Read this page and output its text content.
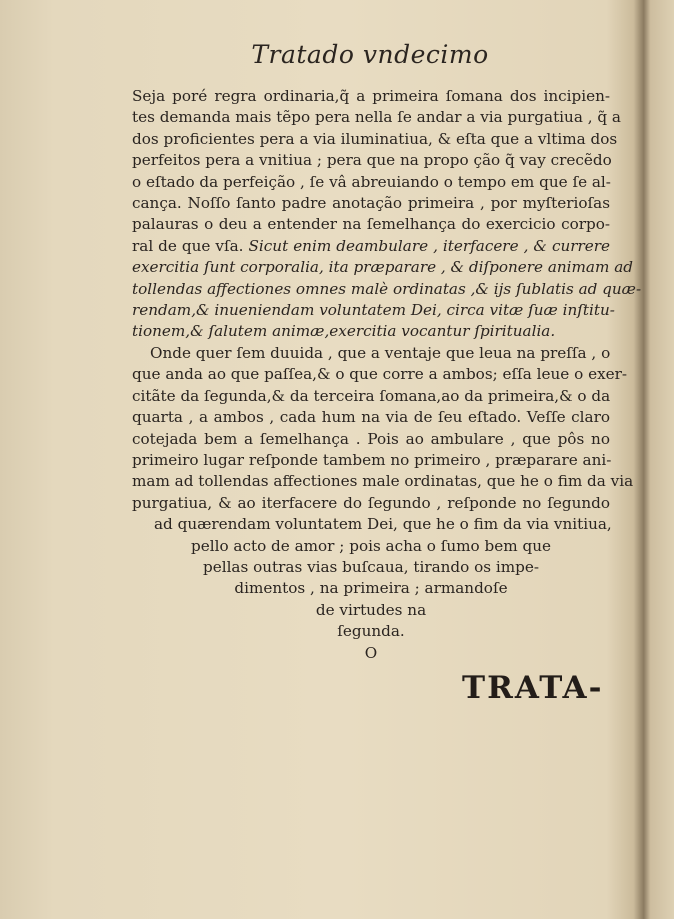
Tratado vndecimo
Seja poré regra ordinaria,q̃ a primeira ſomana dos incipien-
tes demanda mais tẽpo pera nella ſe andar a via purgatiua , q̃ a
dos proficientes pera a via iluminatiua, & eſta que a vltima dos
perfeitos pera a vnitiua ; pera que na propo ção q̃ vay crecẽdo
o eſtado da perfeição , ſe vâ abreuiando o tempo em que ſe al-
cança. Noſſo ſanto padre anotação primeira , por myſterioſas
palauras o deu a entender na ſemelhança do exercicio corpo-
ral de que vſa. Sicut enim deambulare , iterfacere , & currere
exercitia ſunt corporalia, ita præparare , & diſponere animam ad
tollendas affectiones omnes malè ordinatas ,& ijs ſublatis ad quæ-
rendam,& inueniendam voluntatem Dei, circa vitæ ſuæ inſtitu-
tionem,& ſalutem animæ,exercitia vocantur ſpiritualia.
Onde quer ſem duuida , que a ventaje que leua na preſſa , o
que anda ao que paſſea,& o que corre a ambos; eſſa leue o exer-
citãte da ſegunda,& da terceira ſomana,ao da primeira,& o da
quarta , a ambos , cada hum na via de ſeu eſtado. Veſſe claro
cotejada bem a ſemelhança . Pois ao ambulare , que pôs no
primeiro lugar reſponde tambem no primeiro , præparare ani-
mam ad tollendas affectiones male ordinatas, que he o fim da via
purgatiua, & ao iterfacere do ſegundo , reſponde no ſegundo
ad quærendam voluntatem Dei, que he o fim da via vnitiua,
pello acto de amor ; pois acha o ſumo bem que
pellas outras vias buſcaua, tirando os impe-
dimentos , na primeira ; armandoſe
de virtudes na
ſegunda.
O
TRATA-
